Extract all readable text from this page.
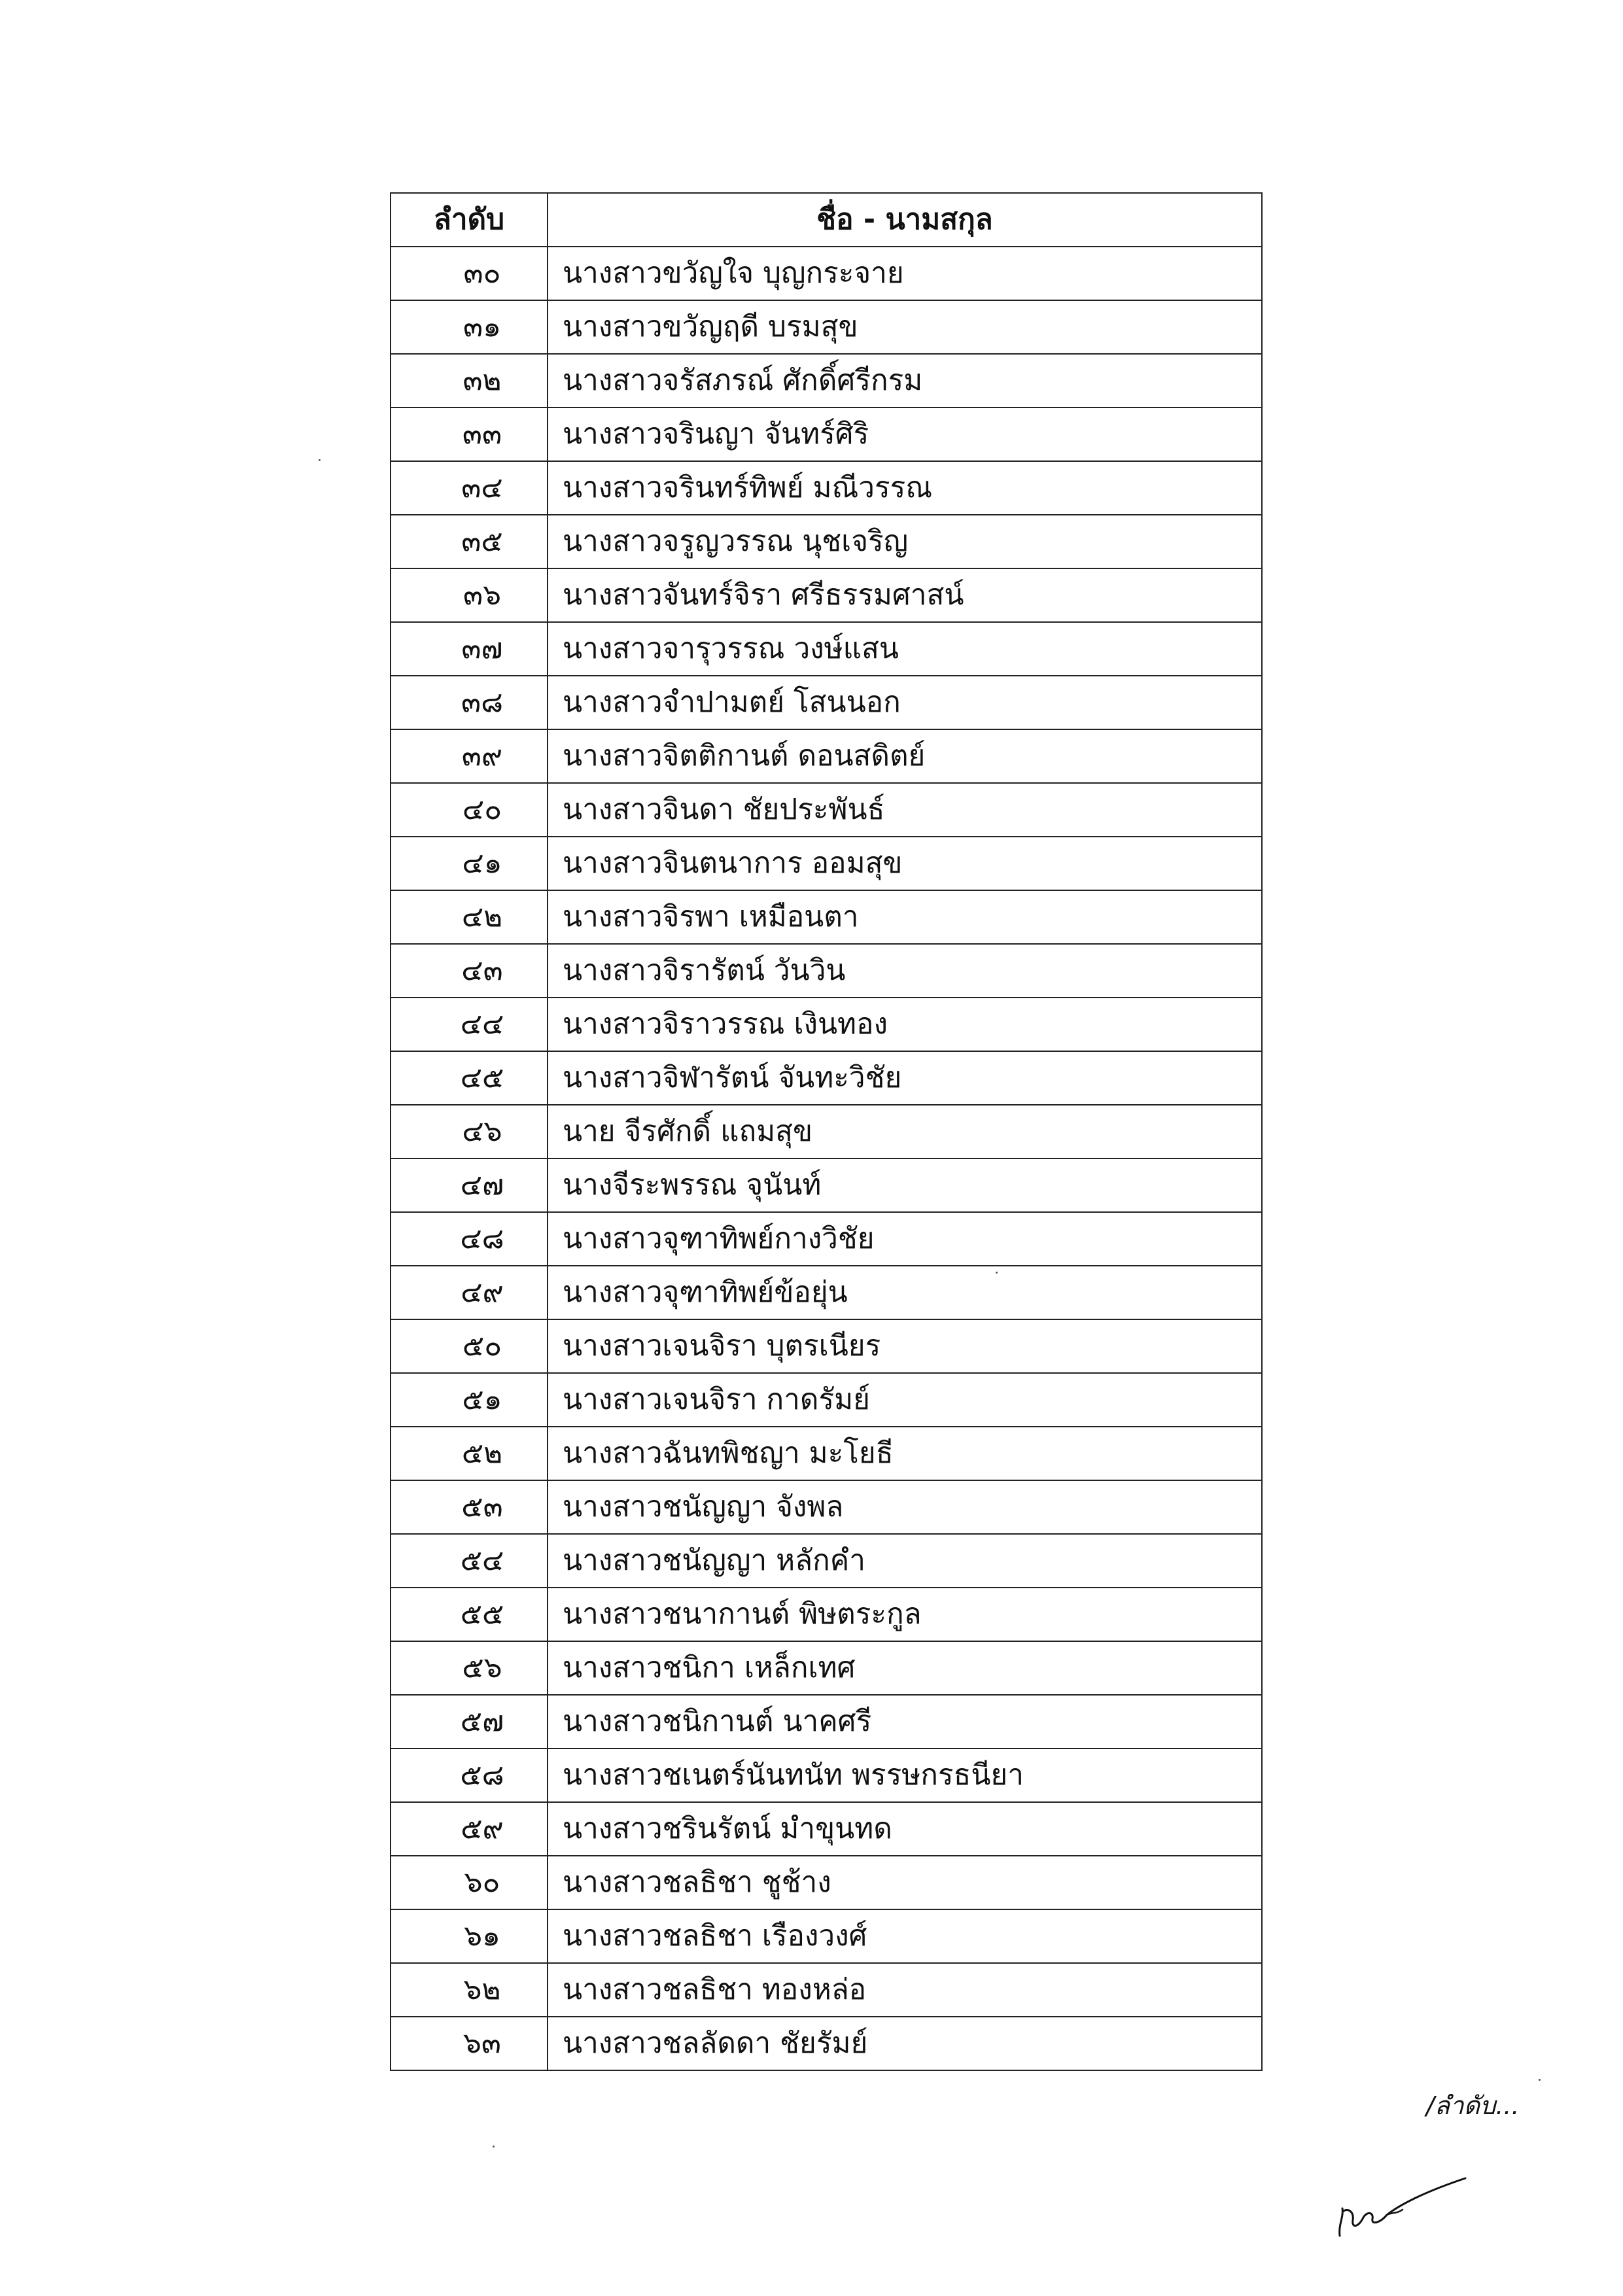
ลำดับ	ชื่อ - นามสกุล
๓๐	นางสาวขวัญใจ บุญกระจาย
๓๑	นางสาวขวัญฤดี บรมสุข
๓๒	นางสาวจรัสภรณ์ ศักดิ์ศรีกรม
๓๓	นางสาวจรินญา จันทร์ศิริ
๓๔	นางสาวจรินทร์ทิพย์ มณีวรรณ
๓๕	นางสาวจรูญวรรณ นุชเจริญ
๓๖	นางสาวจันทร์จิรา ศรีธรรมศาสน์
๓๗	นางสาวจารุวรรณ วงษ์แสน
๓๘	นางสาวจำปามตย์ โสนนอก
๓๙	นางสาวจิตติกานต์ ดอนสดิตย์
๔๐	นางสาวจินดา ชัยประพันธ์
๔๑	นางสาวจินตนาการ ออมสุข
๔๒	นางสาวจิรพา เหมือนตา
๔๓	นางสาวจิรารัตน์ วันวิน
๔๔	นางสาวจิราวรรณ เงินทอง
๔๕	นางสาวจิฬารัตน์ จันทะวิชัย
๔๖	นาย จีรศักดิ์ แถมสุข
๔๗	นางจีระพรรณ จุนันท์
๔๘	นางสาวจุฑาทิพย์กางวิชัย
๔๙	นางสาวจุฑาทิพย์ข้อยุ่น
๕๐	นางสาวเจนจิรา บุตรเนียร
๕๑	นางสาวเจนจิรา กาดรัมย์
๕๒	นางสาวฉันทพิชญา มะโยธี
๕๓	นางสาวชนัญญา จังพล
๕๔	นางสาวชนัญญา หลักคำ
๕๕	นางสาวชนากานต์ พิษตระกูล
๕๖	นางสาวชนิกา เหล็กเทศ
๕๗	นางสาวชนิกานต์ นาคศรี
๕๘	นางสาวชเนตร์นันทนัท พรรษกรธนียา
๕๙	นางสาวชรินรัตน์ มำขุนทด
๖๐	นางสาวชลธิชา ชูช้าง
๖๑	นางสาวชลธิชา เรืองวงศ์
๖๒	นางสาวชลธิชา ทองหล่อ
๖๓	นางสาวชลลัดดา ชัยรัมย์
/ลำดับ...
